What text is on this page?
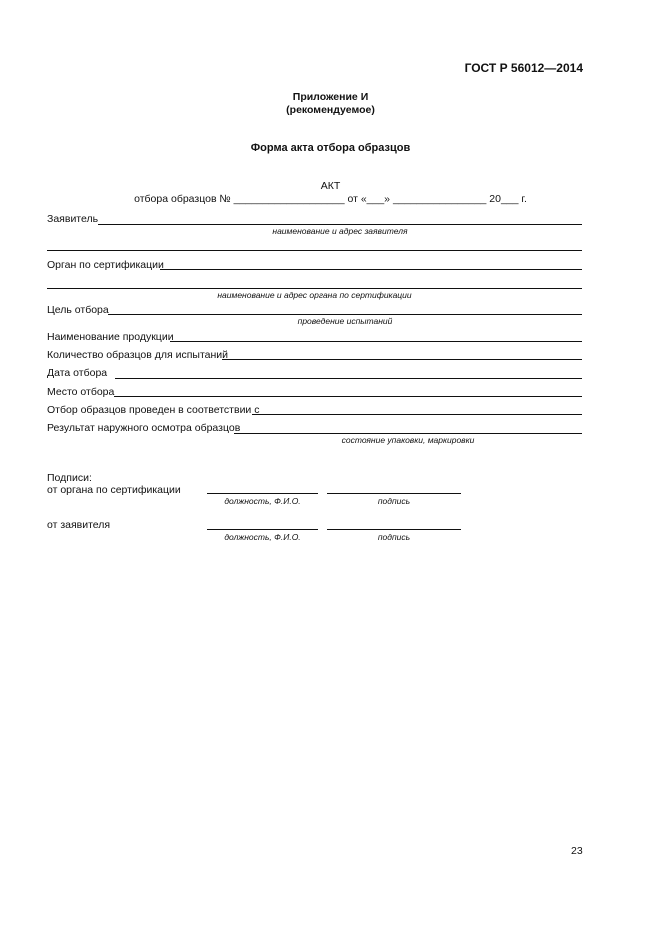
ГОСТ Р 56012—2014
Приложение И
(рекомендуемое)
Форма акта отбора образцов
АКТ
отбора образцов № ___________________ от «___» ________________ 20___ г.
Заявитель
наименование и адрес заявителя
Орган по сертификации
наименование и адрес органа по сертификации
Цель отбора
проведение испытаний
Наименование продукции
Количество образцов для испытаний
Дата отбора
Место отбора
Отбор образцов проведен в соответствии с
Результат наружного осмотра образцов
состояние упаковки, маркировки
Подписи:
от органа по сертификации
должность, Ф.И.О.	подпись
от заявителя
должность, Ф.И.О.	подпись
23
